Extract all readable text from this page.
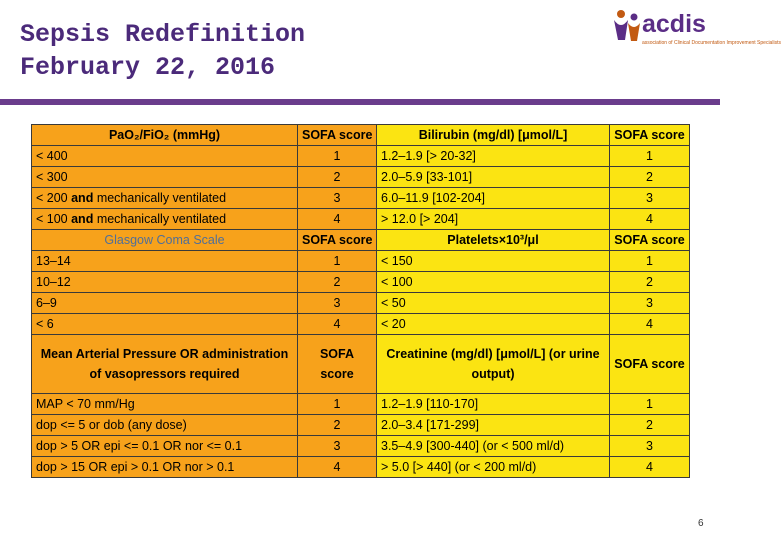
Sepsis Redefinition
February 22, 2016
acdis
association of Clinical Documentation Improvement Specialists
PaO₂/FiO₂ (mmHg)	SOFA score	Bilirubin (mg/dl) [μmol/L]	SOFA score
< 400	1	1.2–1.9 [> 20-32]	1
< 300	2	2.0–5.9 [33-101]	2
< 200 and mechanically ventilated	3	6.0–11.9 [102-204]	3
< 100 and mechanically ventilated	4	> 12.0 [> 204]	4
Glasgow Coma Scale	SOFA score	Platelets×10³/μl	SOFA score
13–14	1	< 150	1
10–12	2	< 100	2
6–9	3	< 50	3
< 6	4	< 20	4
Mean Arterial Pressure OR administration of vasopressors required	SOFA score	Creatinine (mg/dl) [μmol/L] (or urine output)	SOFA score
MAP < 70 mm/Hg	1	1.2–1.9 [110-170]	1
dop <= 5 or dob (any dose)	2	2.0–3.4 [171-299]	2
dop > 5 OR epi <= 0.1 OR nor <= 0.1	3	3.5–4.9 [300-440] (or < 500 ml/d)	3
dop > 15 OR epi > 0.1 OR nor > 0.1	4	> 5.0 [> 440] (or < 200 ml/d)	4
6
